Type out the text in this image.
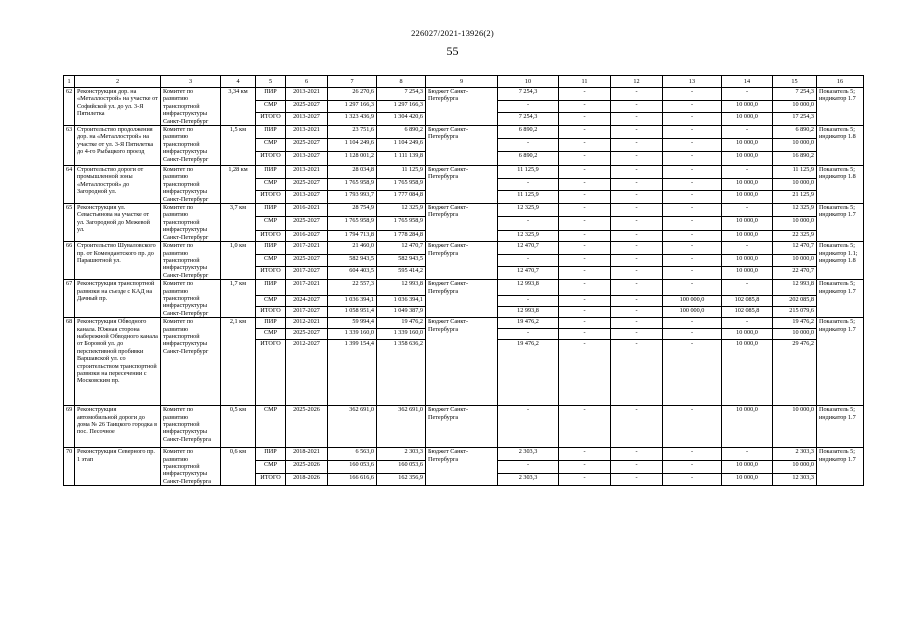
226027/2021-13926(2)
55
1	2	3	4	5	6	7	8	9	10	11	12	13	14	15	16
62	Реконструкция дор. на «Металлострой» на участке от Софийской ул. до ул. 3-Я Пятилетка	Комитет по развитию транспортной инфраструктуры Санкт-Петербург	3,34 км	ПИР	2013-2021	26 270,6	7 254,3	Бюджет Санкт-Петербурга	7 254,3	-	-	-	-	7 254,3	Показатель 5; индикатор 1.7
				СМР	2025-2027	1 297 166,3	1 297 166,3		-	-	-	-	10 000,0	10 000,0	
				ИТОГО	2013-2027	1 323 436,9	1 304 420,6		7 254,3	-	-	-	10 000,0	17 254,3	
63	Строительство продолжения дор. на «Металлострой» на участке от ул. 3-Я Пятилетка до 4-го Рыбацкого проезд	Комитет по развитию транспортной инфраструктуры Санкт-Петербург	1,5 км	ПИР	2013-2021	23 751,6	6 890,2	Бюджет Санкт-Петербурга	6 890,2	-	-	-	-	6 890,2	Показатель 5; индикатор 1.8
				СМР	2025-2027	1 104 249,6	1 104 249,6		-	-	-	-	10 000,0	10 000,0	
				ИТОГО	2013-2027	1 128 001,2	1 111 139,8		6 890,2	-	-	-	10 000,0	16 890,2	
64	Строительство дороги от промышленной зоны «Металлострой» до Загородной ул.	Комитет по развитию транспортной инфраструктуры Санкт-Петербург	1,28 км	ПИР	2013-2021	28 034,8	11 125,9	Бюджет Санкт-Петербурга	11 125,9	-	-	-	-	11 125,9	Показатель 5; индикатор 1.8
				СМР	2025-2027	1 765 958,9	1 765 958,9		-	-	-	-	10 000,0	10 000,0	
				ИТОГО	2013-2027	1 793 993,7	1 777 084,8		11 125,9	-	-	-	10 000,0	21 125,9	
65	Реконструкция ул. Севастьянова на участке от ул. Загородной до Межевой ул.	Комитет по развитию транспортной инфраструктуры Санкт-Петербург	3,7 км	ПИР	2016-2021	28 754,9	12 325,9	Бюджет Санкт-Петербурга	12 325,9	-	-	-	-	12 325,9	Показатель 5; индикатор 1.7
				СМР	2025-2027	1 765 958,9	1 765 958,9		-	-	-	-	10 000,0	10 000,0	
				ИТОГО	2016-2027	1 794 713,8	1 778 284,8		12 325,9	-	-	-	10 000,0	22 325,9	
66	Строительство Шуваловского пр. от Комендантского пр. до Парашютной ул.	Комитет по развитию транспортной инфраструктуры Санкт-Петербург	1,0 км	ПИР	2017-2021	21 460,0	12 470,7	Бюджет Санкт-Петербурга	12 470,7	-	-	-	-	12 470,7	Показатель 5; индикатор 1.1; индикатор 1.8
				СМР	2025-2027	582 943,5	582 943,5		-	-	-	-	10 000,0	10 000,0	
				ИТОГО	2017-2027	604 403,5	595 414,2		12 470,7	-	-	-	10 000,0	22 470,7	
67	Реконструкция транспортной развязки на съезде с КАД на Дачный пр.	Комитет по развитию транспортной инфраструктуры Санкт-Петербург	1,7 км	ПИР	2017-2021	22 557,3	12 993,8	Бюджет Санкт-Петербурга	12 993,8	-	-	-	-	12 993,8	Показатель 5; индикатор 1.7
				СМР	2024-2027	1 036 394,1	1 036 394,1		-	-	-	100 000,0	102 085,8	202 085,8	
				ИТОГО	2017-2027	1 058 951,4	1 049 387,9		12 993,8	-	-	100 000,0	102 085,8	215 079,6	
68	Реконструкция Обводного канала. Южная сторона набережной Обводного канала от Боровой ул. до перспективной пробивки Варшавской ул. со строительством транспортной развязки на пересечении с Московским пр.	Комитет по развитию транспортной инфраструктуры Санкт-Петербург	2,1 км	ПИР	2012-2021	59 994,4	19 476,2	Бюджет Санкт-Петербурга	19 476,2	-	-	-	-	19 476,2	Показатель 5; индикатор 1.7
				СМР	2025-2027	1 339 160,0	1 339 160,0		-	-	-	-	10 000,0	10 000,0	
				ИТОГО	2012-2027	1 399 154,4	1 358 636,2		19 476,2	-	-	-	10 000,0	29 476,2	
69	Реконструкция автомобильной дороги до дома № 26 Таицкого городка в пос. Песочное	Комитет по развитию транспортной инфраструктуры Санкт-Петербурга	0,5 км	СМР	2025-2026	362 691,0	362 691,0	Бюджет Санкт-Петербурга	-	-	-	-	10 000,0	10 000,0	Показатель 5; индикатор 1.7
70	Реконструкция Северного пр. 1 этап	Комитет по развитию транспортной инфраструктуры Санкт-Петербурга	0,6 км	ПИР	2018-2021	6 563,0	2 303,3	Бюджет Санкт-Петербурга	2 303,3	-	-	-	-	2 303,3	Показатель 5; индикатор 1.7
				СМР	2025-2026	160 053,6	160 053,6		-	-	-	-	10 000,0	10 000,0	
				ИТОГО	2018-2026	166 616,6	162 356,9		2 303,3	-	-	-	10 000,0	12 303,3	
